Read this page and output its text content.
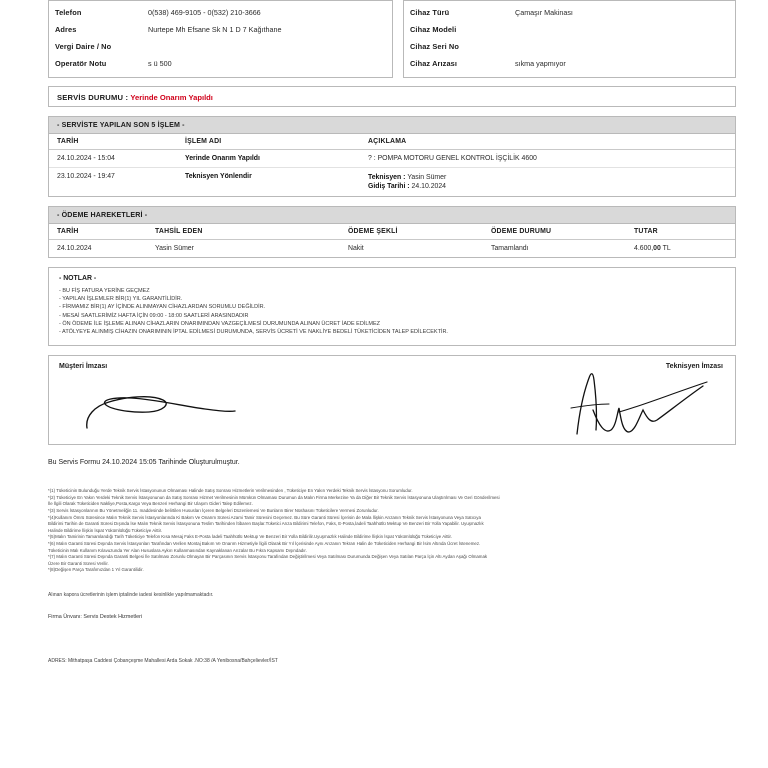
Telefon	0(538) 469-9105 - 0(532) 210-3666
Adres	Nurtepe Mh Efsane Sk N 1 D 7 Kağıthane
Vergi Daire / No
Operatör Notu	s ü 500
Cihaz Türü	Çamaşır Makinası
Cihaz Modeli
Cihaz Seri No
Cihaz Arızası	sıkma yapmıyor
SERVİS DURUMU : Yerinde Onarım Yapıldı
- SERVİSTE YAPILAN SON 5 İŞLEM -
TARİH	İŞLEM ADI	AÇIKLAMA
24.10.2024 - 15:04	Yerinde Onarım Yapıldı	? : POMPA MOTORU GENEL KONTROL İŞÇİLİK 4600
23.10.2024 - 19:47	Teknisyen Yönlendir	Teknisyen : Yasin Sümer
Gidiş Tarihi : 24.10.2024
- ÖDEME HAREKETLERİ -
TARİH	TAHSİL EDEN	ÖDEME ŞEKLİ	ÖDEME DURUMU	TUTAR
24.10.2024	Yasin Sümer	Nakit	Tamamlandı	4.600,00 TL
- NOTLAR -
- BU FİŞ FATURA YERİNE GEÇMEZ
- YAPILAN İŞLEMLER BİR(1) YIL GARANTİLİDİR.
- FİRMAMIZ BİR(1) AY İÇİNDE ALINMAYAN CİHAZLARDAN SORUMLU DEĞİLDİR.
- MESAİ SAATLERİMİZ HAFTA İÇİN 09:00 - 18:00 SAATLERİ ARASINDADIR
- ÖN ÖDEME İLE İŞLEME ALINAN CİHAZLARIN ONARIMINDAN VAZGEÇİLMESİ DURUMUNDA ALINAN ÜCRET İADE EDİLMEZ
- ATÖLYEYE ALINMIŞ CİHAZIN ONARIMININ İPTAL EDİLMESİ DURUMUNDA, SERVİS ÜCRETİ VE NAKLİYE BEDELİ TÜKETİCİDEN TALEP EDİLECEKTİR.
Müşteri İmzası	Teknisyen İmzası
Bu Servis Formu 24.10.2024 15:05 Tarihinde Oluşturulmuştur.

*(1) Tüketicinin Bulunduğu Yerde Teknik Servis İstasyonunun Olmaması Halinde Satış Sonrası Hizmetlerin Verilmesinden , Tüketiciye En Yakın Yerdeki Teknik Servis İstasyonu Sorumludur.

*(2) Tüketiciye En Yakın Yerdeki Teknik Servis İstasyonunun da Satış Sonrası Hizmet Verilmesinin Mümkün Olmaması Durumun da Malın Firma Merkezine Ya da Diğer Bir Teknik Servis İstasyonuna Ulaştırılması Ve Geri Gönderilmesi

İle İlgili Olarak Tüketiciden Nakliye,Posta,Kargo Veya Benzeri Herhangi Bir Ulaşım Gideri Talep Edilemez.

*(3) Servis İstasyonlarının Bu Yönetmeliğin 11. maddesinde belirtilen Hususları İçeren Belgeleri Düzenlemesi Ve Bunların Birer Nüshasını Tüketicilere Vermesi Zorunludur.

*(4)Kullanım Ömrü Süresince Malın Teknik Servis İstasyonlarında Ki Bakım Ve Onarım Süresi Azami Tamir Süresini Geçemez. Bu Süre Garanti Süresi İçerisin de Mala İlişkin Arızanın Teknik Servis İstasyonuna Veya Satıcıya

Bildirimi Tarihin de Garanti Süresi Dışında İse Malın Teknik Servis İstasyonuna Teslim Tarihinden İtibaren Başlar.Tüketici Arıza Bildirimi Telefon, Faks, E-Posta,İadeli Taahhütlü Mektup Ve Benzeri Bir Yolla Yapabilir. Uyuşmazlık

Halinde Bildirime İlişkin İspat Yükümlülüğü Tüketiciye Aittir.

*(5)Malın Tamirinin Tamamlandığı Tarih Tüketiciye Telefon Kısa Mesaj Faks E-Posta İadeli Taahhütlü Mektup Ve Benzeri Bir Yolla Bildirilir.Uyuşmazlık Halinde Bildirime İlişkin İspat Yükümlülüğü Tüketiciye Aittir.

*(6) Malın Garanti Süresi Dışında Servis İstasyonları Tarafından Verilen Montaj Bakım Ve Onarım Hizmetiyle İlgili Olarak Bir Yıl İçerisinde Aynı Arızanın Tekrarı Halin de Tüketiciden Herhangi Bir İsim Altında Ücret İstenemez.

Tüketicinin Malı Kullanım Kılavuzunda Yer Alan Hususlara Aykırı Kullanmasından Kaynaklanan Arızalar Bu Fıkra Kapsamı Dışındadır.

*(7) Malın Garanti Süresi Dışında Garanti Belgesi İle Satılması Zorunlu Olmayan Bir Parçasının Servis İstasyonu Tarafından Değiştirilmesi Veya Satılması Durumunda Değişen Veya Satılan Parça İçin Altı Aydan Aşağı Olmamak

Üzere Bir Garanti Süresi Verilir.

*(8)Değişen Parça Tarafımızdan 1 Yıl Garantilidir.

Alınan kapora ücretlerinin işlem iptalinde iadesi kesinlikle yapılmamaktadır.
Firma Ünvanı: Servis Destek Hizmetleri
ADRES: Mithatpaşa Caddesi Çobançeşme Mahallesi Arda Sokak .NO:38 /A Yenibosna/Bahçelievler/İST
